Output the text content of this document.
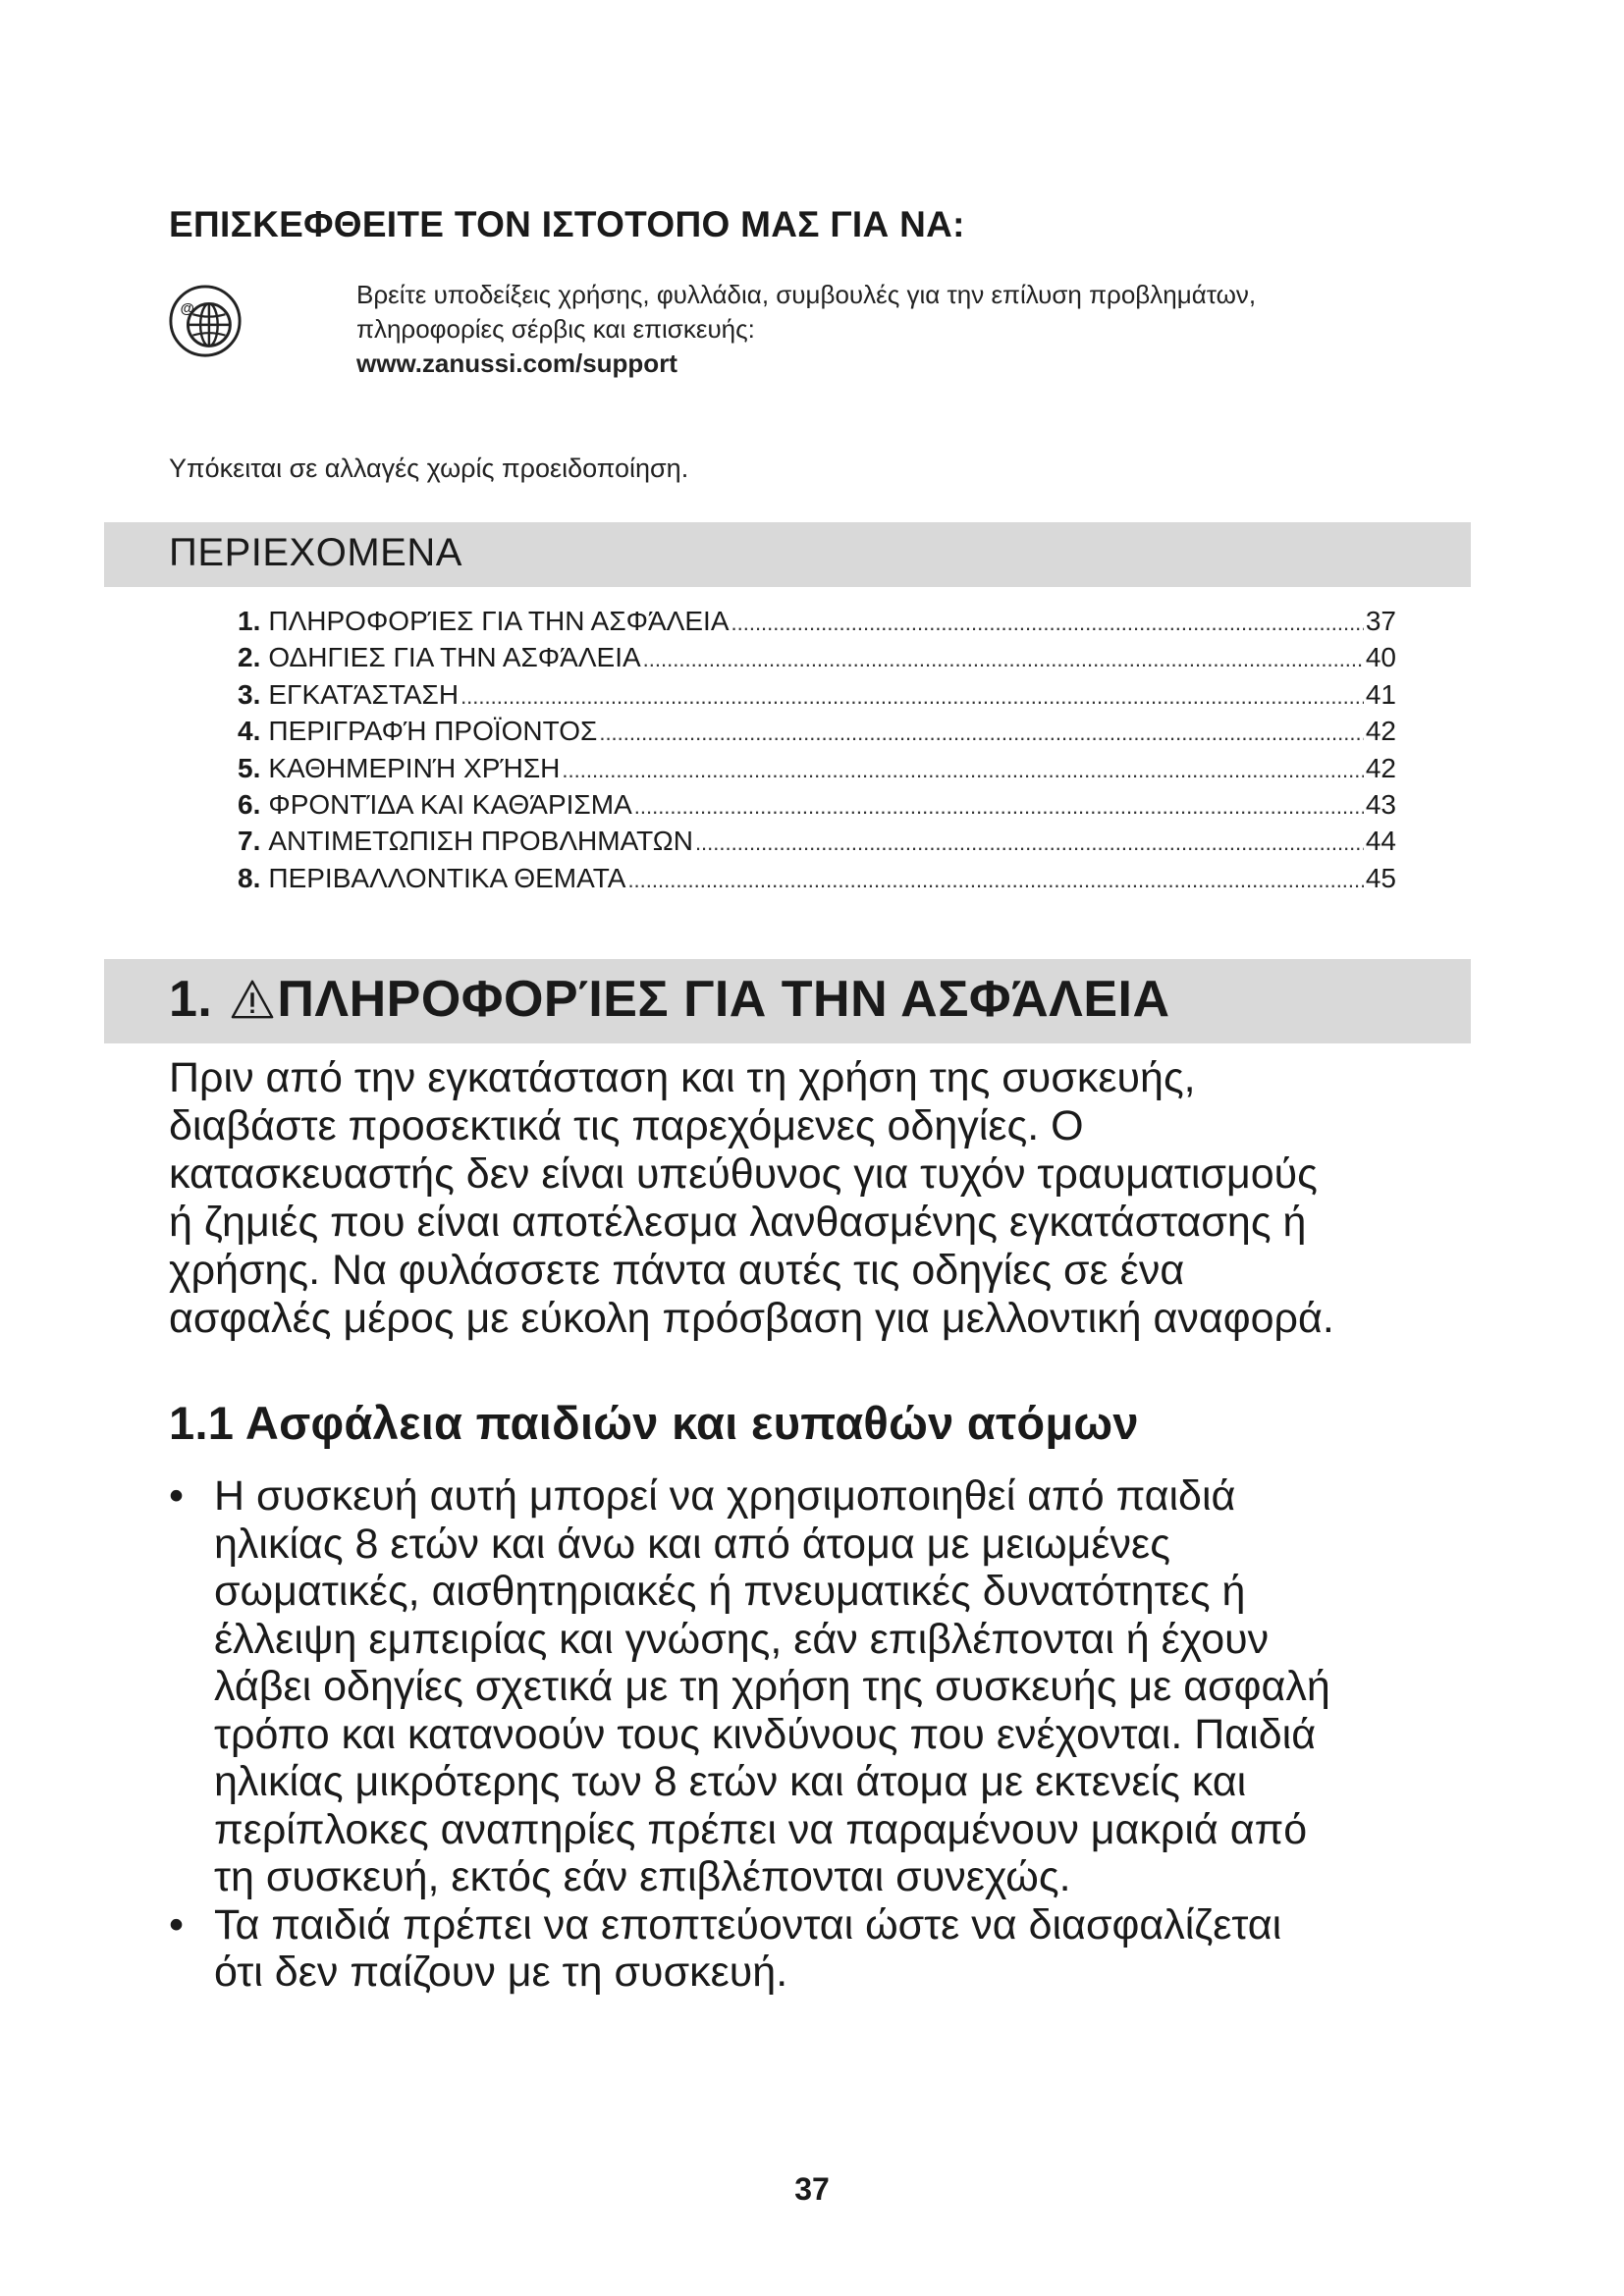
ΕΠΙΣΚΕΦΘΕΙΤΕ ΤΟΝ ΙΣΤΟΤΟΠΟ ΜΑΣ ΓΙΑ ΝΑ:
@
Βρείτε υποδείξεις χρήσης, φυλλάδια, συμβουλές για την επίλυση προβλημάτων,
πληροφορίες σέρβις και επισκευής:
www.zanussi.com/support
Υπόκειται σε αλλαγές χωρίς προειδοποίηση.
ΠΕΡΙΕΧΟΜΕΝΑ
1. ΠΛΗΡΟΦΟΡΊΕΣ ΓΙΑ ΤΗΝ ΑΣΦΆΛΕΙΑ .....	37
2. ΟΔΗΓΙΕΣ ΓΙΑ ΤΗΝ ΑΣΦΆΛΕΙΑ .....	40
3. ΕΓΚΑΤΆΣΤΑΣΗ .....	41
4. ΠΕΡΙΓΡΑΦΉ ΠΡΟΪΟΝΤΟΣ .....	42
5. ΚΑΘΗΜΕΡΙΝΉ ΧΡΉΣΗ .....	42
6. ΦΡΟΝΤΊΔΑ ΚΑΙ ΚΑΘΆΡΙΣΜΑ .....	43
7. ΑΝΤΙΜΕΤΩΠΙΣΗ ΠΡΟΒΛΗΜΑΤΩΝ .....	44
8. ΠΕΡΙΒΑΛΛΟΝΤΙΚΑ ΘΕΜΑΤΑ .....	45
1. ΠΛΗΡΟΦΟΡΊΕΣ ΓΙΑ ΤΗΝ ΑΣΦΆΛΕΙΑ
Πριν από την εγκατάσταση και τη χρήση της συσκευής,
διαβάστε προσεκτικά τις παρεχόμενες οδηγίες. Ο
κατασκευαστής δεν είναι υπεύθυνος για τυχόν τραυματισμούς
ή ζημιές που είναι αποτέλεσμα λανθασμένης εγκατάστασης ή
χρήσης. Να φυλάσσετε πάντα αυτές τις οδηγίες σε ένα
ασφαλές μέρος με εύκολη πρόσβαση για μελλοντική αναφορά.
1.1 Ασφάλεια παιδιών και ευπαθών ατόμων
• Η συσκευή αυτή μπορεί να χρησιμοποιηθεί από παιδιά
ηλικίας 8 ετών και άνω και από άτομα με μειωμένες
σωματικές, αισθητηριακές ή πνευματικές δυνατότητες ή
έλλειψη εμπειρίας και γνώσης, εάν επιβλέπονται ή έχουν
λάβει οδηγίες σχετικά με τη χρήση της συσκευής με ασφαλή
τρόπο και κατανοούν τους κινδύνους που ενέχονται. Παιδιά
ηλικίας μικρότερης των 8 ετών και άτομα με εκτενείς και
περίπλοκες αναπηρίες πρέπει να παραμένουν μακριά από
τη συσκευή, εκτός εάν επιβλέπονται συνεχώς.
• Τα παιδιά πρέπει να εποπτεύονται ώστε να διασφαλίζεται
ότι δεν παίζουν με τη συσκευή.
37
